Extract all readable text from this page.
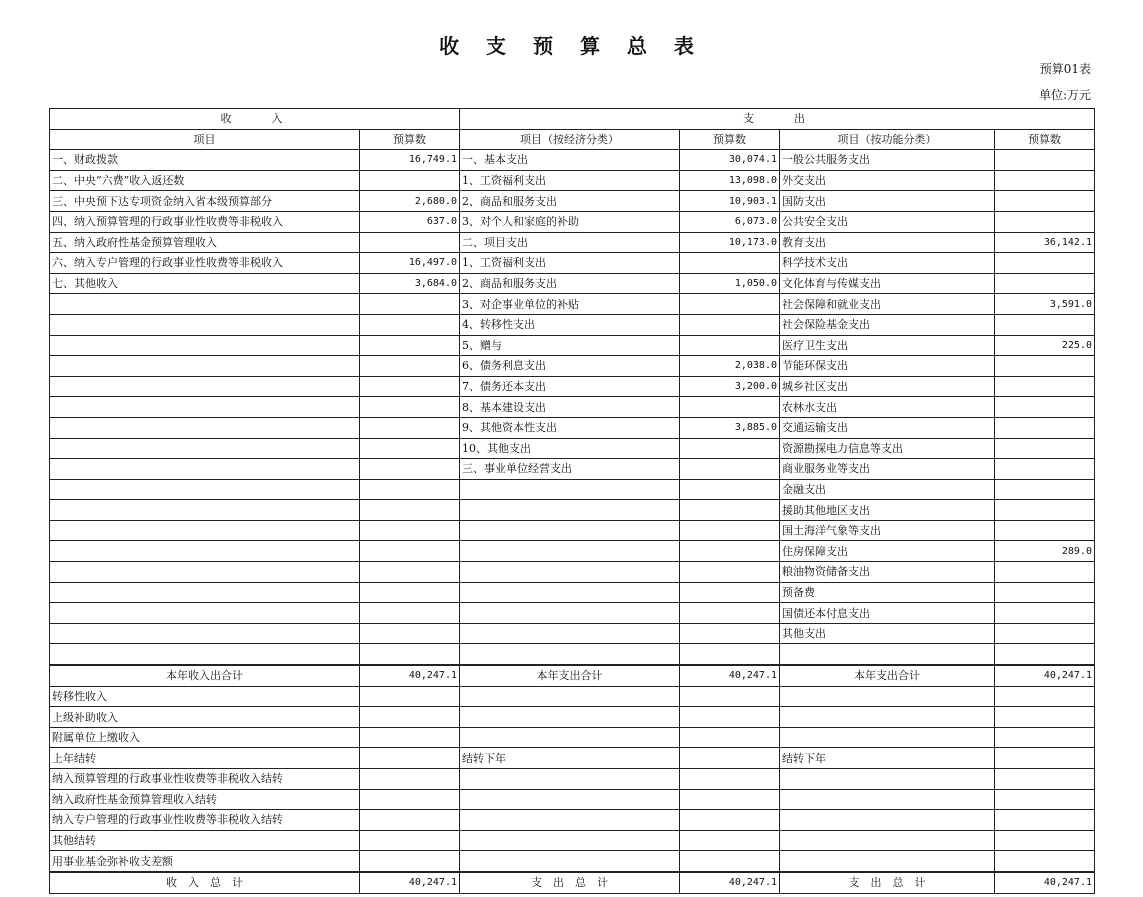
收 支 预 算 总 表
预算01表
单位:万元
收　　入		支　　出			
项目	预算数	项目（按经济分类）	预算数	项目（按功能分类）	预算数
一、财政拨款	16,749.1	一、基本支出	30,074.1	一般公共服务支出	
二、中央“六费”收入返还数		1、工资福利支出	13,098.0	外交支出	
三、中央预下达专项资金纳入省本级预算部分	2,680.0	2、商品和服务支出	10,903.1	国防支出	
四、纳入预算管理的行政事业性收费等非税收入	637.0	3、对个人和家庭的补助	6,073.0	公共安全支出	
五、纳入政府性基金预算管理收入		二、项目支出	10,173.0	教育支出	36,142.1
六、纳入专户管理的行政事业性收费等非税收入	16,497.0	1、工资福利支出		科学技术支出	
七、其他收入	3,684.0	2、商品和服务支出	1,050.0	文化体育与传媒支出	
		3、对企事业单位的补贴		社会保障和就业支出	3,591.0
		4、转移性支出		社会保险基金支出	
		5、赠与		医疗卫生支出	225.0
		6、债务利息支出	2,038.0	节能环保支出	
		7、债务还本支出	3,200.0	城乡社区支出	
		8、基本建设支出		农林水支出	
		9、其他资本性支出	3,885.0	交通运输支出	
		10、其他支出		资源勘探电力信息等支出	
		三、事业单位经营支出		商业服务业等支出	
				金融支出	
				援助其他地区支出	
				国土海洋气象等支出	
				住房保障支出	289.0
				粮油物资储备支出	
				预备费	
				国债还本付息支出	
				其他支出	

本年收入出合计	40,247.1	本年支出合计	40,247.1	本年支出合计	40,247.1
转移性收入					
上级补助收入					
附属单位上缴收入					
上年结转		结转下年		结转下年	
纳入预算管理的行政事业性收费等非税收入结转					
纳入政府性基金预算管理收入结转					
纳入专户管理的行政事业性收费等非税收入结转					
其他结转					
用事业基金弥补收支差额					
收　入　总　计	40,247.1	支　出　总　计	40,247.1	支　出　总　计	40,247.1
